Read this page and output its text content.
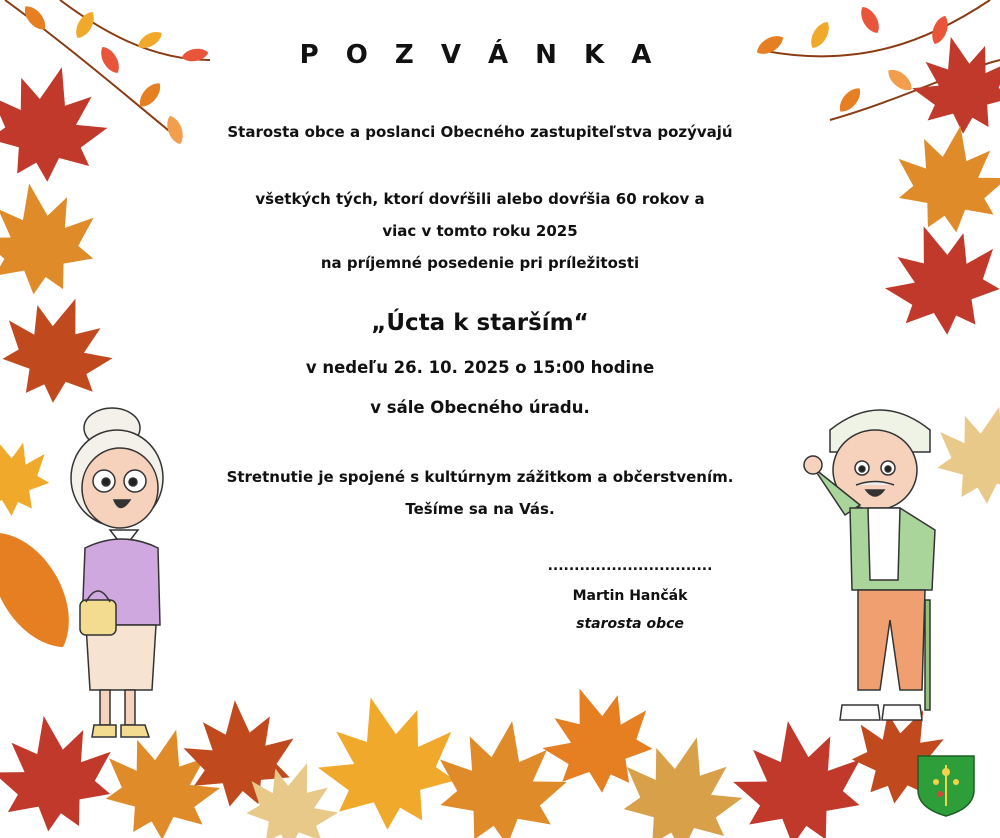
P O Z V Á N K A

Starosta obce a poslanci Obecného zastupiteľstva pozývajú

všetkých tých, ktorí dovŕšili alebo dovŕšia 60 rokov a

viac v tomto roku 2025

na príjemné posedenie pri príležitosti

„Úcta k starším“

v nedeľu 26. 10. 2025 o 15:00 hodine

v sále Obecného úradu.

Stretnutie je spojené s kultúrnym zážitkom a občerstvením.

Tešíme sa na Vás.

...............................

Martin Hančák

starosta obce
